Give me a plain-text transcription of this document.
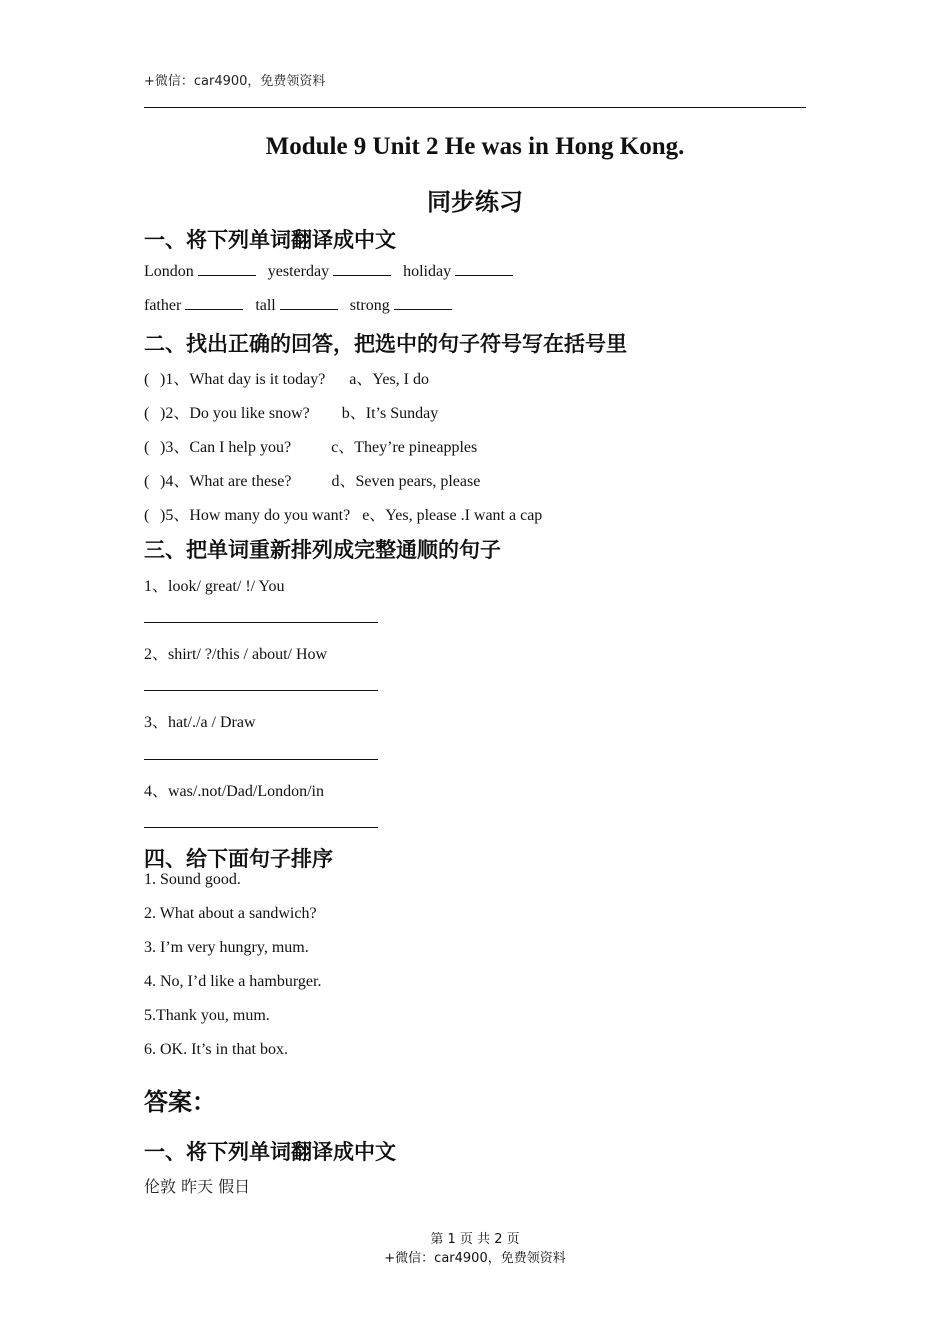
+微信：car4900，免费领资料
Module 9 Unit 2 He was in Hong Kong.
同步练习
一、将下列单词翻译成中文
London	yesterday	holiday
father	tall	strong
二、找出正确的回答，把选中的句子符号写在括号里
( )1、What day is it today? a、Yes, I do
( )2、Do you like snow? b、It’s Sunday
( )3、Can I help you?	c、They’re pineapples
( )4、What are these?	d、Seven pears, please
( )5、How many do you want? e、Yes, please .I want a cap
三、把单词重新排列成完整通顺的句子
1、look/ great/ !/ You
2、shirt/ ?/this / about/ How
3、hat/./a / Draw
4、was/.not/Dad/London/in
四、给下面句子排序
1. Sound good.
2. What about a sandwich?
3. I’m very hungry, mum.
4. No, I’d like a hamburger.
5.Thank you, mum.
6. OK. It’s in that box.
答案：
一、将下列单词翻译成中文
伦敦 昨天 假日
第 1 页 共 2 页
+微信：car4900，免费领资料
